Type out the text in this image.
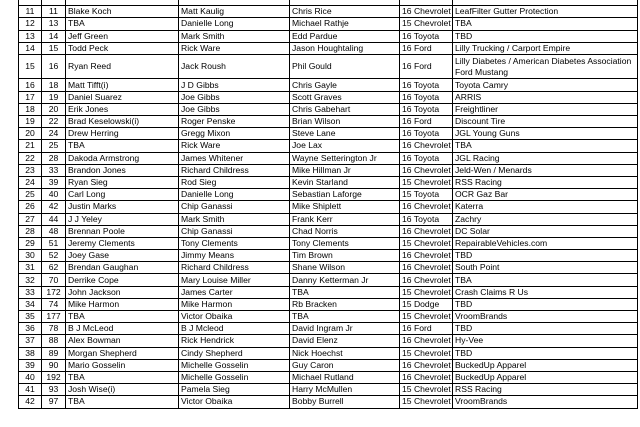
11	11	Blake Koch	Matt Kaulig	Chris Rice	16 Chevrolet	LeafFilter Gutter Protection
12	13	TBA	Danielle Long	Michael Rathje	15 Chevrolet	TBA
13	14	Jeff Green	Mark Smith	Edd Pardue	16 Toyota	TBD
14	15	Todd Peck	Rick Ware	Jason Houghtaling	16 Ford	Lilly Trucking / Carport Empire
15	16	Ryan Reed	Jack Roush	Phil Gould	16 Ford	Lilly Diabetes / American Diabetes Association Ford Mustang
16	18	Matt Tifft(i)	J D Gibbs	Chris Gayle	16 Toyota	Toyota Camry
17	19	Daniel Suarez	Joe Gibbs	Scott Graves	16 Toyota	ARRIS
18	20	Erik Jones	Joe Gibbs	Chris Gabehart	16 Toyota	Freightliner
19	22	Brad Keselowski(i)	Roger Penske	Brian Wilson	16 Ford	Discount Tire
20	24	Drew Herring	Gregg Mixon	Steve Lane	16 Toyota	JGL Young Guns
21	25	TBA	Rick Ware	Joe Lax	16 Chevrolet	TBA
22	28	Dakoda Armstrong	James Whitener	Wayne Setterington Jr	16 Toyota	JGL Racing
23	33	Brandon Jones	Richard Childress	Mike Hillman Jr	16 Chevrolet	Jeld-Wen / Menards
24	39	Ryan Sieg	Rod Sieg	Kevin Starland	15 Chevrolet	RSS Racing
25	40	Carl Long	Danielle Long	Sebastian Laforge	15 Toyota	OCR Gaz Bar
26	42	Justin Marks	Chip Ganassi	Mike Shiplett	16 Chevrolet	Katerra
27	44	J J Yeley	Mark Smith	Frank Kerr	16 Toyota	Zachry
28	48	Brennan Poole	Chip Ganassi	Chad Norris	16 Chevrolet	DC Solar
29	51	Jeremy Clements	Tony Clements	Tony Clements	15 Chevrolet	RepairableVehicles.com
30	52	Joey Gase	Jimmy Means	Tim Brown	16 Chevrolet	TBD
31	62	Brendan Gaughan	Richard Childress	Shane Wilson	16 Chevrolet	South Point
32	70	Derrike Cope	Mary Louise Miller	Danny Ketterman Jr	16 Chevrolet	TBA
33	172	John Jackson	James Carter	TBA	15 Chevrolet	Crash Claims R Us
34	74	Mike Harmon	Mike Harmon	Rb Bracken	15 Dodge	TBD
35	177	TBA	Victor Obaika	TBA	15 Chevrolet	VroomBrands
36	78	B J McLeod	B J Mcleod	David Ingram Jr	16 Ford	TBD
37	88	Alex Bowman	Rick Hendrick	David Elenz	16 Chevrolet	Hy-Vee
38	89	Morgan Shepherd	Cindy Shepherd	Nick Hoechst	15 Chevrolet	TBD
39	90	Mario Gosselin	Michelle Gosselin	Guy Caron	16 Chevrolet	BuckedUp Apparel
40	192	TBA	Michelle Gosselin	Michael Rutland	16 Chevrolet	BuckedUp Apparel
41	93	Josh Wise(i)	Pamela Sieg	Harry McMullen	15 Chevrolet	RSS Racing
42	97	TBA	Victor Obaika	Bobby Burrell	15 Chevrolet	VroomBrands
